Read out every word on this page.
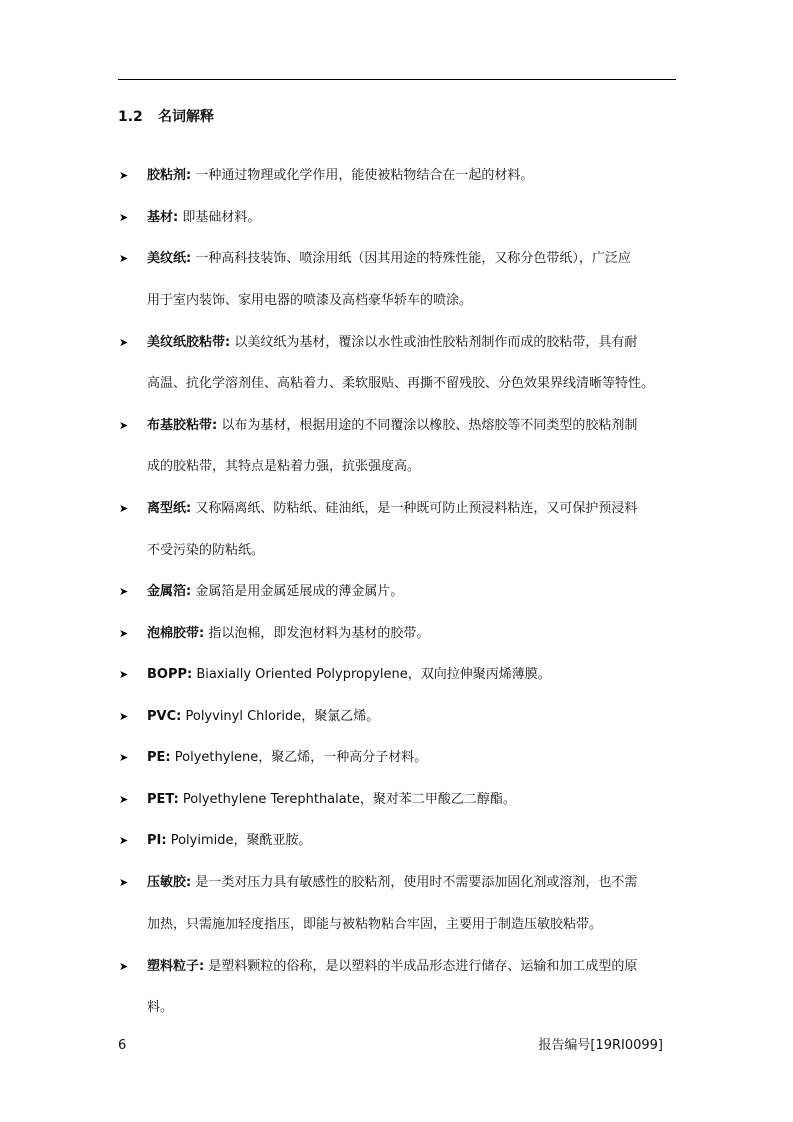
1.2 名词解释
➤	胶粘剂: 一种通过物理或化学作用，能使被粘物结合在一起的材料。
➤	基材: 即基础材料。
➤	美纹纸: 一种高科技装饰、喷涂用纸（因其用途的特殊性能，又称分色带纸），广泛应
用于室内装饰、家用电器的喷漆及高档豪华轿车的喷涂。
➤	美纹纸胶粘带: 以美纹纸为基材，覆涂以水性或油性胶粘剂制作而成的胶粘带，具有耐
高温、抗化学溶剂佳、高粘着力、柔软服贴、再撕不留残胶、分色效果界线清晰等特性。
➤	布基胶粘带: 以布为基材，根据用途的不同覆涂以橡胶、热熔胶等不同类型的胶粘剂制
成的胶粘带，其特点是粘着力强，抗张强度高。
➤	离型纸: 又称隔离纸、防粘纸、硅油纸，是一种既可防止预浸料粘连，又可保护预浸料
不受污染的防粘纸。
➤	金属箔: 金属箔是用金属延展成的薄金属片。
➤	泡棉胶带: 指以泡棉，即发泡材料为基材的胶带。
➤	BOPP: Biaxially Oriented Polypropylene，双向拉伸聚丙烯薄膜。
➤	PVC: Polyvinyl Chloride，聚氯乙烯。
➤	PE: Polyethylene，聚乙烯，一种高分子材料。
➤	PET: Polyethylene Terephthalate，聚对苯二甲酸乙二醇酯。
➤	PI: Polyimide，聚酰亚胺。
➤	压敏胶: 是一类对压力具有敏感性的胶粘剂，使用时不需要添加固化剂或溶剂，也不需
加热，只需施加轻度指压，即能与被粘物粘合牢固，主要用于制造压敏胶粘带。
➤	塑料粒子: 是塑料颗粒的俗称，是以塑料的半成品形态进行储存、运输和加工成型的原
料。
6	报告编号[19RI0099]
